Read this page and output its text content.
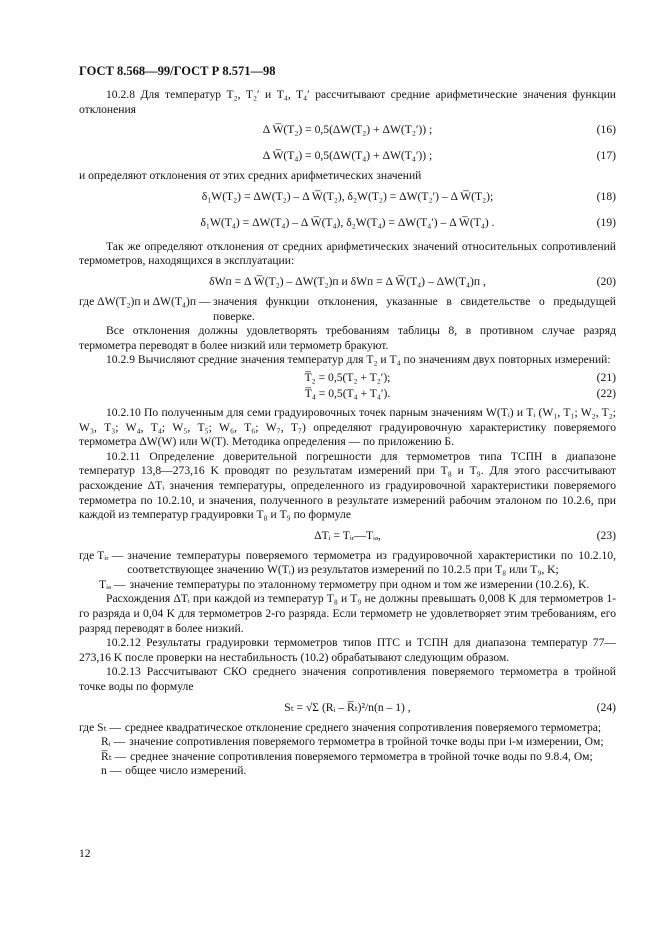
ГОСТ 8.568—99/ГОСТ Р 8.571—98

10.2.8 Для температур T₂, T₂′ и T₄, T₄′ рассчитывают средние арифметические значения функции отклонения

Δ W̅(T₂) = 0,5(ΔW(T₂) + ΔW(T₂′)) ;	(16)
Δ W̅(T₄) = 0,5(ΔW(T₄) + ΔW(T₄′)) ;	(17)

и определяют отклонения от этих средних арифметических значений

δ₁W(T₂) = ΔW(T₂) – Δ W̅(T₂), δ₂W(T₂) = ΔW(T₂′) – Δ W̅(T₂);	(18)
δ₁W(T₄) = ΔW(T₄) – Δ W̅(T₄), δ₂W(T₄) = ΔW(T₄′) – Δ W̅(T₄) .	(19)

Так же определяют отклонения от средних арифметических значений относительных сопротивлений термометров, находящихся в эксплуатации:

δWп = Δ W̅(T₂) – ΔW(T₂)п и δWп = Δ W̅(T₄) – ΔW(T₄)п ,	(20)
где ΔW(T₂)п и ΔW(T₄)п — значения функции отклонения, указанные в свидетельстве о предыдущей поверке.

Все отклонения должны удовлетворять требованиям таблицы 8, в противном случае разряд термометра переводят в более низкий или термометр бракуют.

10.2.9 Вычисляют средние значения температур для T₂ и T₄ по значениям двух повторных измерений:

T̅₂ = 0,5(T₂ + T₂′);	(21)
T̅₄ = 0,5(T₄ + T₄′).	(22)

10.2.10 По полученным для семи градуировочных точек парным значениям W(Tᵢ) и Tᵢ (W₁, T₁; W₂, T₂; W₃, T₃; W₄, T₄; W₅, T₅; W₆, T₆; W₇, T₇) определяют градуировочную характеристику поверяемого термометра ΔW(W) или W(T). Методика определения — по приложению Б.

10.2.11 Определение доверительной погрешности для термометров типа ТСПН в диапазоне температур 13,8—273,16 K проводят по результатам измерений при T₈ и T₉. Для этого рассчитывают расхождение ΔTᵢ значения температуры, определенного из градуировочной характеристики поверяемого термометра по 10.2.10, и значения, полученного в результате измерений рабочим эталоном по 10.2.6, при каждой из температур градуировки T₈ и T₉ по формуле

ΔTᵢ = Tᵢᵣ—Tᵢₔ,	(23)
где Tᵢᵣ — значение температуры поверяемого термометра из градуировочной характеристики по 10.2.10, соответствующее значению W(Tᵢ) из результатов измерений по 10.2.5 при T₈ или T₉, K;
Tᵢₔ — значение температуры по эталонному термометру при одном и том же измерении (10.2.6), K.

Расхождения ΔTᵢ при каждой из температур T₈ и T₉ не должны превышать 0,008 K для термометров 1-го разряда и 0,04 K для термометров 2-го разряда. Если термометр не удовлетворяет этим требованиям, его разряд переводят в более низкий.

10.2.12 Результаты градуировки термометров типов ПТС и ТСПН для диапазона температур 77—273,16 K после проверки на нестабильность (10.2) обрабатывают следующим образом.

10.2.13 Рассчитывают СКО среднего значения сопротивления поверяемого термометра в тройной точке воды по формуле

Sₜ = √Σ (Rᵢ – R̅ₜ)²/n(n – 1) ,	(24)
где Sₜ — среднее квадратическое отклонение среднего значения сопротивления поверяемого термометра;
Rᵢ — значение сопротивления поверяемого термометра в тройной точке воды при i-м измерении, Ом;
R̅ₜ — среднее значение сопротивления поверяемого термометра в тройной точке воды по 9.8.4, Ом;
n — общее число измерений.
12
